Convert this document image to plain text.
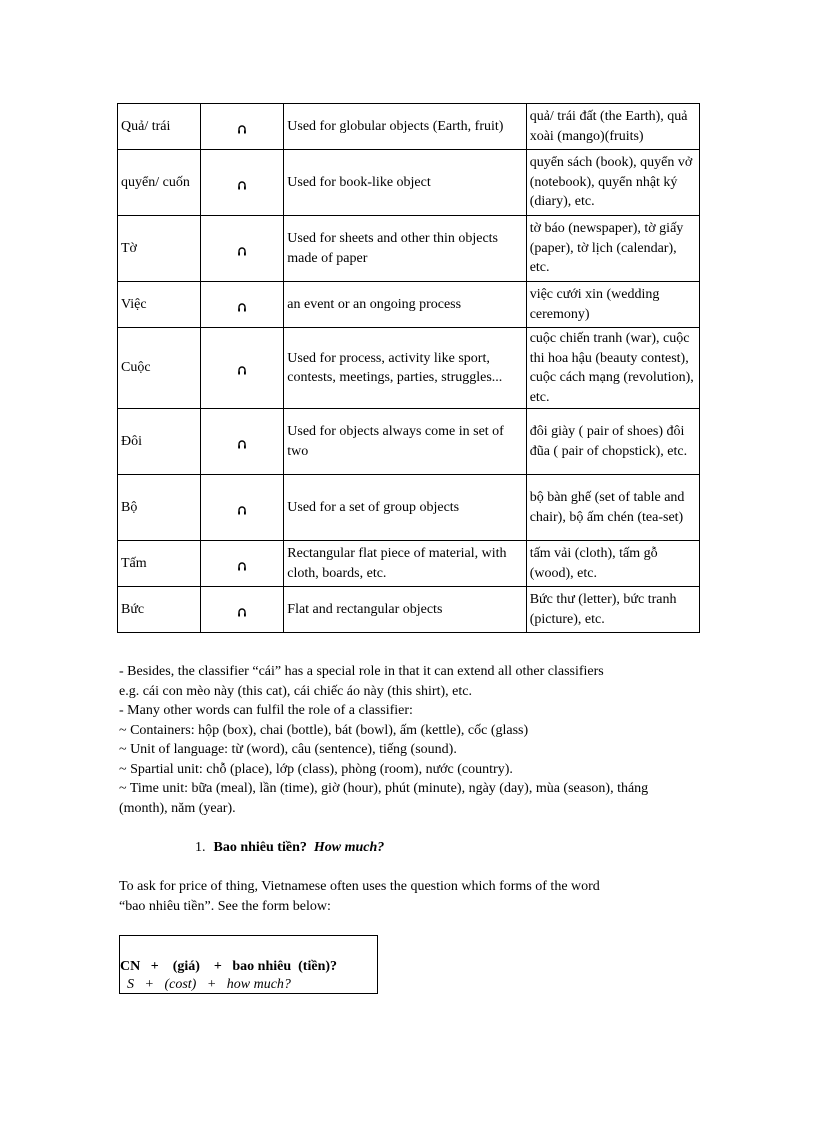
Quả/ trái		Used for globular objects (Earth, fruit)	quả/ trái đất (the Earth), quả xoài (mango)(fruits)
quyển/ cuốn		Used for book-like object	quyển sách (book), quyển vở (notebook), quyển nhật ký (diary), etc.
Tờ		Used for sheets and other thin objects made of paper	tờ báo (newspaper), tờ giấy (paper), tờ lịch (calendar), etc.
Việc		an event or an ongoing process	việc cưới xin (wedding ceremony)
Cuộc		Used for process, activity like sport, contests, meetings, parties, struggles...	cuộc chiến tranh (war), cuộc thi hoa hậu (beauty contest), cuộc cách mạng (revolution), etc.
Đôi		Used for objects always come in set of two	đôi giày ( pair of shoes) đôi đũa ( pair of chopstick), etc.
Bộ		Used for a set of group objects	bộ bàn ghế (set of table and chair), bộ ấm chén (tea-set)
Tấm		Rectangular flat piece of material, with cloth, boards, etc.	tấm vải (cloth), tấm gỗ (wood), etc.
Bức		Flat and rectangular objects	Bức thư (letter), bức tranh (picture), etc.

- Besides, the classifier “cái” has a special role in that it can extend all other classifiers

e.g. cái con mèo này (this cat), cái chiếc áo này (this shirt), etc.

- Many other words can fulfil the role of a classifier:

~ Containers: hộp (box), chai (bottle), bát (bowl), ấm (kettle), cốc (glass)

~ Unit of language: từ (word), câu (sentence), tiếng (sound).

~ Spartial unit: chỗ (place), lớp (class), phòng (room), nước (country).

~ Time unit: bữa (meal), lần (time), giờ (hour), phút (minute), ngày (day), mùa (season), tháng (month), năm (year).

1. Bao nhiêu tiền? How much?

To ask for price of thing, Vietnamese often uses the question which forms of the word

“bao nhiêu tiền”. See the form below:

CN   +    (giá)    +   bao nhiêu  (tiền)?
S   +   (cost)   +   how much?
